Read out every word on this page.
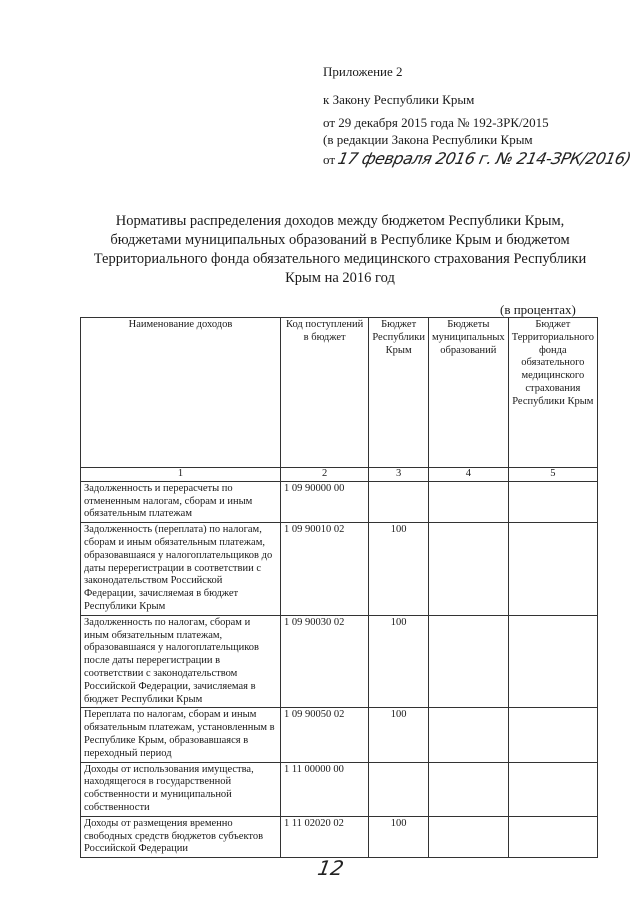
Приложение 2
к Закону Республики Крым
от 29 декабря 2015 года № 192-ЗРК/2015
(в редакции Закона Республики Крым
от 17 февраля 2016 г. № 214-ЗРК/2016)
Нормативы распределения доходов между бюджетом Республики Крым, бюджетами муниципальных образований в Республике Крым и бюджетом Территориального фонда обязательного медицинского страхования Республики Крым на 2016 год
(в процентах)
Наименование доходов	Код поступлений в бюджет	Бюджет Республики Крым	Бюджеты муниципальных образований	Бюджет Территориального фонда обязательного медицинского страхования Республики Крым
1	2	3	4	5
Задолженность и перерасчеты по отмененным налогам, сборам и иным обязательным платежам	1 09 90000 00			
Задолженность (переплата) по налогам, сборам и иным обязательным платежам, образовавшаяся у налогоплательщиков до даты перерегистрации в соответствии с законодательством Российской Федерации, зачисляемая в бюджет Республики Крым	1 09 90010 02	100		
Задолженность по налогам, сборам и иным обязательным платежам, образовавшаяся у налогоплательщиков после даты перерегистрации в соответствии с законодательством Российской Федерации, зачисляемая в бюджет Республики Крым	1 09 90030 02	100		
Переплата по налогам, сборам и иным обязательным платежам, установленным в Республике Крым, образовавшаяся в переходный период	1 09 90050 02	100		
Доходы от использования имущества, находящегося в государственной собственности и муниципальной собственности	1 11 00000 00			
Доходы от размещения временно свободных средств бюджетов субъектов Российской Федерации	1 11 02020 02	100		
12
